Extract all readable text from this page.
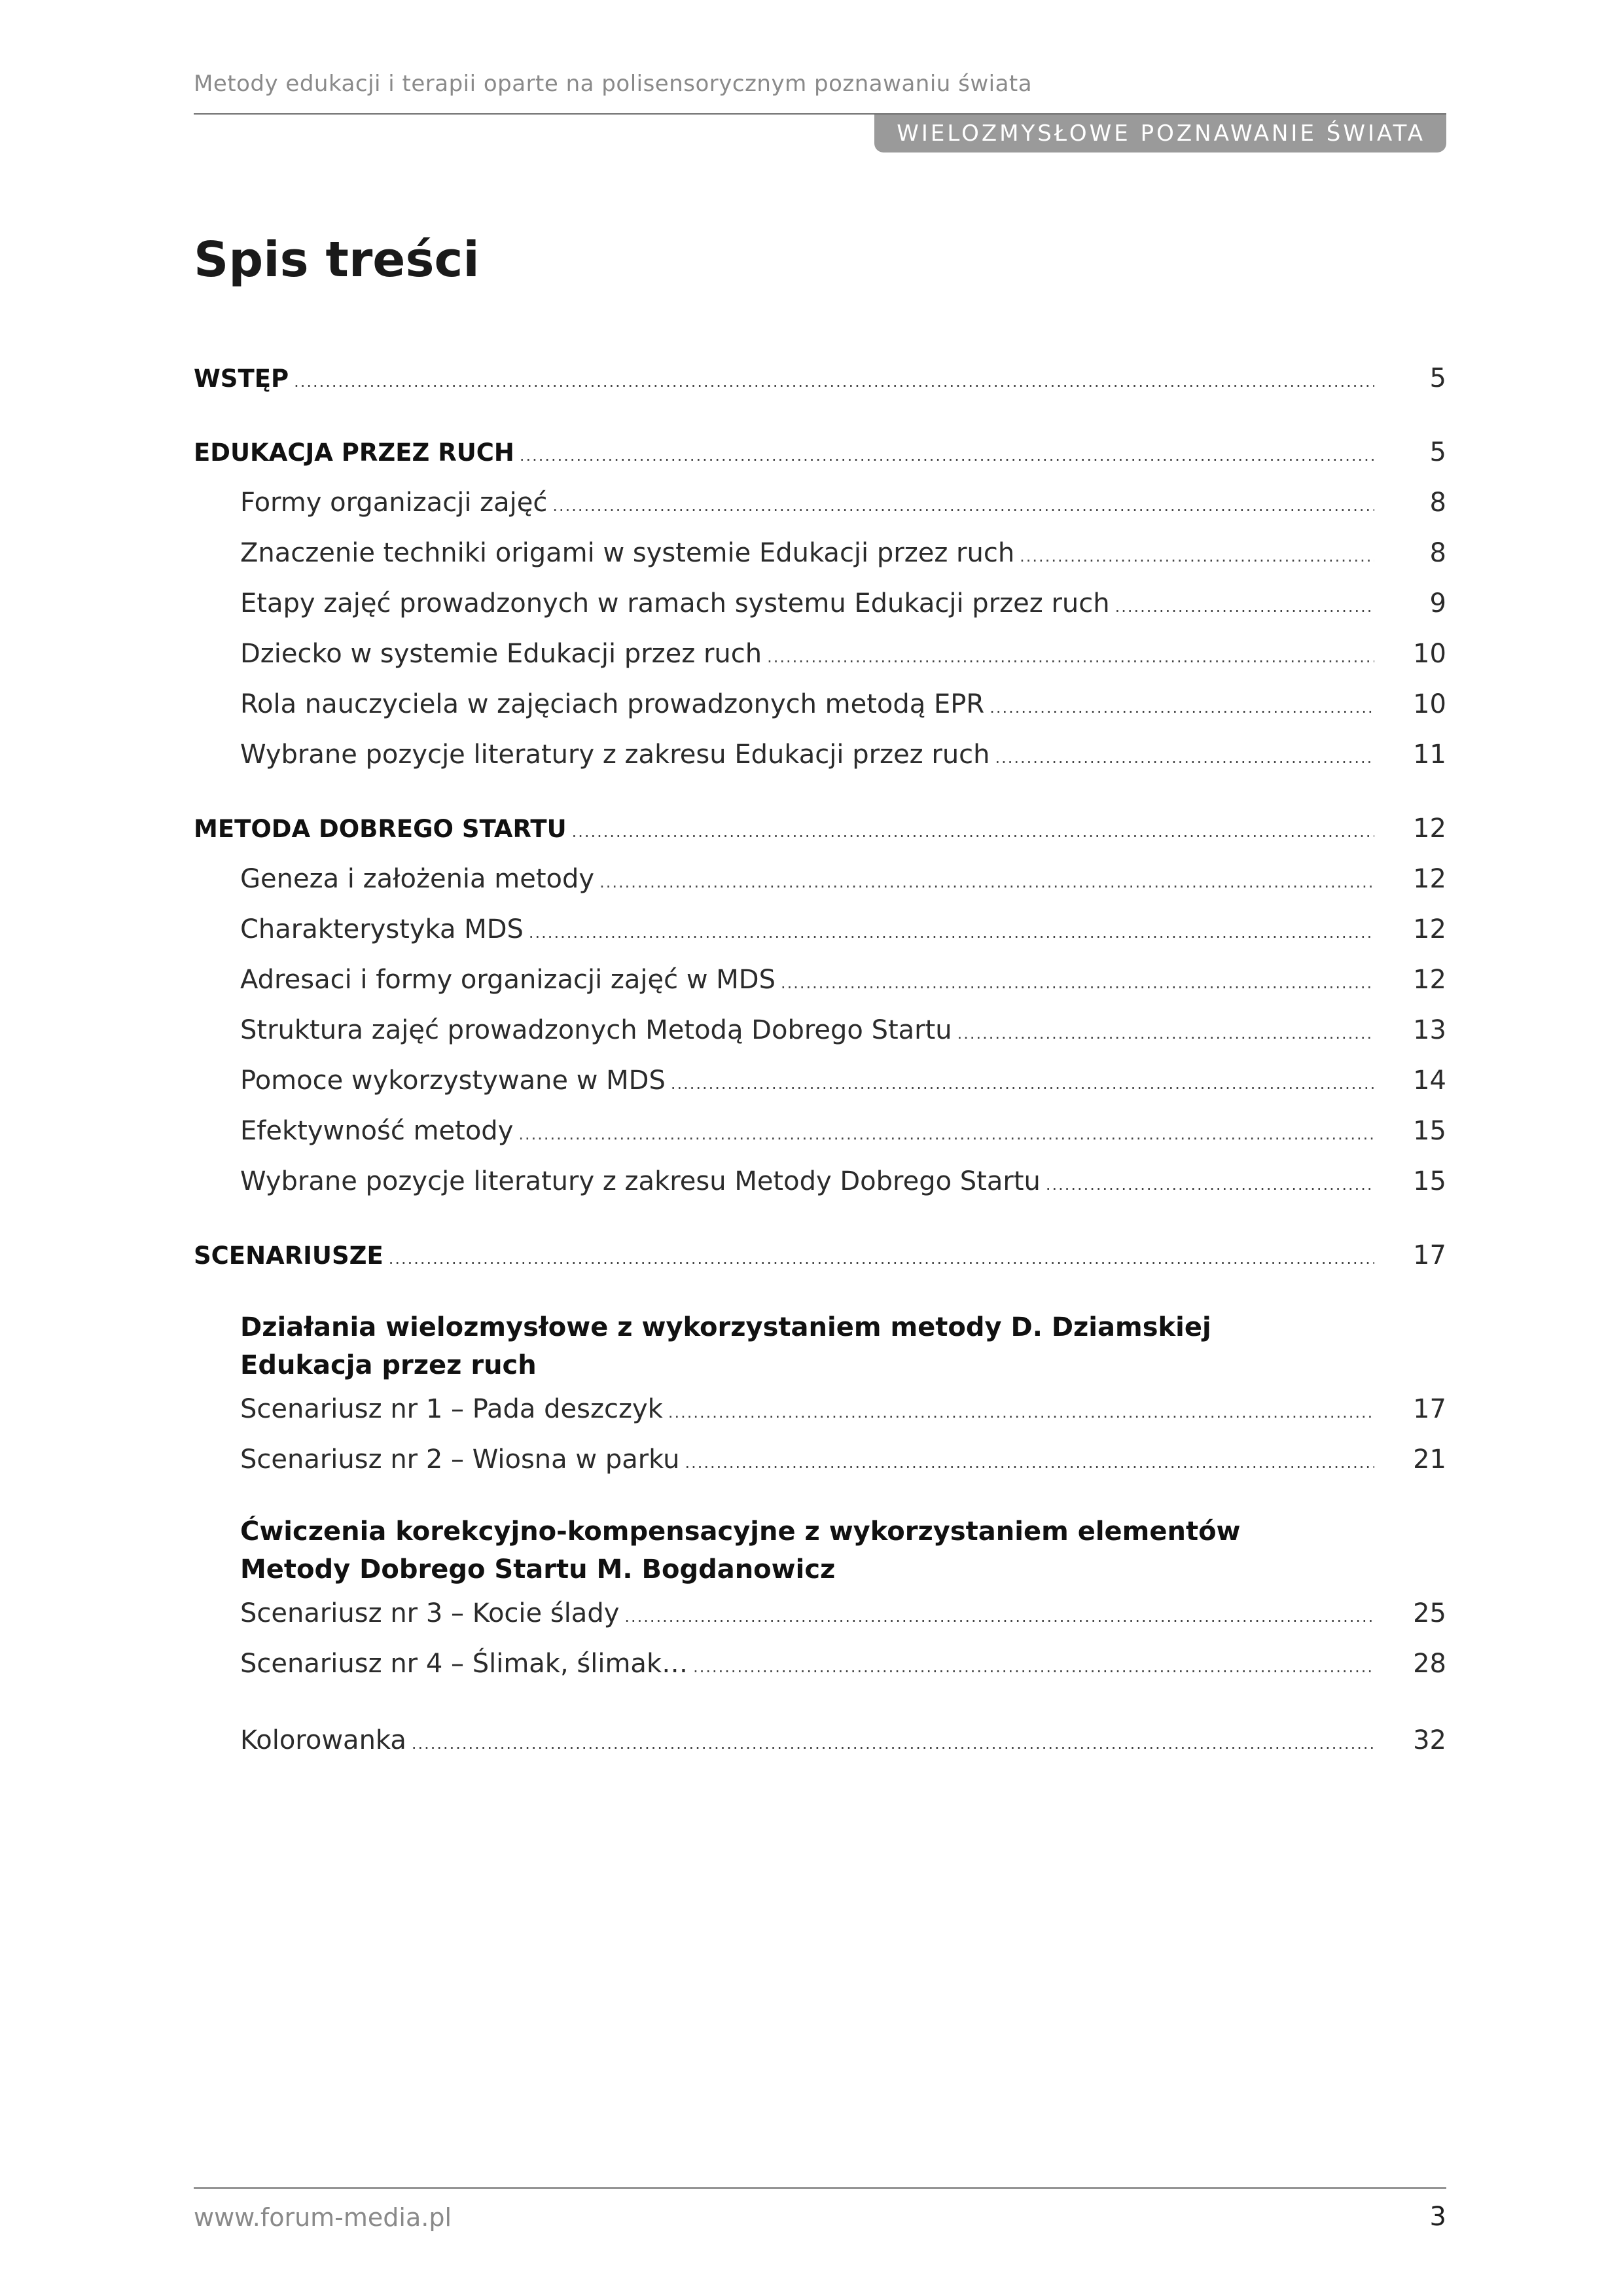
Metody edukacji i terapii oparte na polisensorycznym poznawaniu świata
WIELOZMYSŁOWE POZNAWANIE ŚWIATA
Spis treści
WSTĘP .....	5
EDUKACJA PRZEZ RUCH .....	5
Formy organizacji zajęć .....	8
Znaczenie techniki origami w systemie Edukacji przez ruch .....	8
Etapy zajęć prowadzonych w ramach systemu Edukacji przez ruch .....	9
Dziecko w systemie Edukacji przez ruch .....	10
Rola nauczyciela w zajęciach prowadzonych metodą EPR .....	10
Wybrane pozycje literatury z zakresu Edukacji przez ruch .....	11
METODA DOBREGO STARTU .....	12
Geneza i założenia metody .....	12
Charakterystyka MDS .....	12
Adresaci i formy organizacji zajęć w MDS .....	12
Struktura zajęć prowadzonych Metodą Dobrego Startu .....	13
Pomoce wykorzystywane w MDS .....	14
Efektywność metody .....	15
Wybrane pozycje literatury z zakresu Metody Dobrego Startu .....	15
SCENARIUSZE .....	17
Działania wielozmysłowe z wykorzystaniem metody D. Dziamskiej
Edukacja przez ruch
Scenariusz nr 1 – Pada deszczyk .....	17
Scenariusz nr 2 – Wiosna w parku .....	21
Ćwiczenia korekcyjno-kompensacyjne z wykorzystaniem elementów
Metody Dobrego Startu M. Bogdanowicz
Scenariusz nr 3 – Kocie ślady .....	25
Scenariusz nr 4 – Ślimak, ślimak… .....	28
Kolorowanka .....	32
www.forum-media.pl	3
